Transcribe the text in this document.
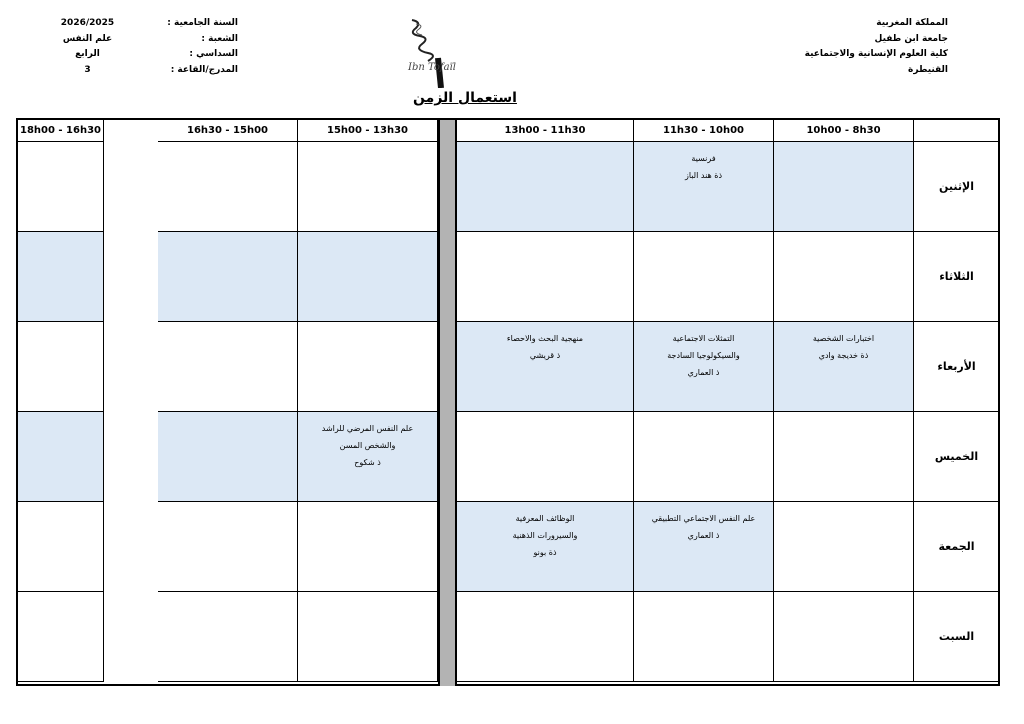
المملكة المغربية
جامعة ابن طفيل
كلية العلوم الإنسانية والاجتماعية
القنيطرة
السنة الجامعية :
الشعبة :
السداسي :
المدرج/القاعة :
2026/2025
علم النفس
الرابع
3	Ibn Tofaïl
استعمال الزمن
10h00 - 8h30
11h30 - 10h00
13h00 - 11h30
15h00 - 13h30
16h30 - 15h00
18h00 - 16h30
الإثنين
فرنسية
ذة هند الباز
الثلاثاء
الأربعاء
اختبارات الشخصية
ذة خديجة وادي
التمثلات الاجتماعية
والسيكولوجيا السادجة
ذ العماري
منهجية البحث والاحصاء
ذ قريشي
الخميس
علم النفس المرضي للراشد
والشخص المسن
ذ شكوح
الجمعة
علم النفس الاجتماعي التطبيقي
ذ العماري
الوظائف المعرفية
والسيرورات الذهنية
ذة بونو
السبت
